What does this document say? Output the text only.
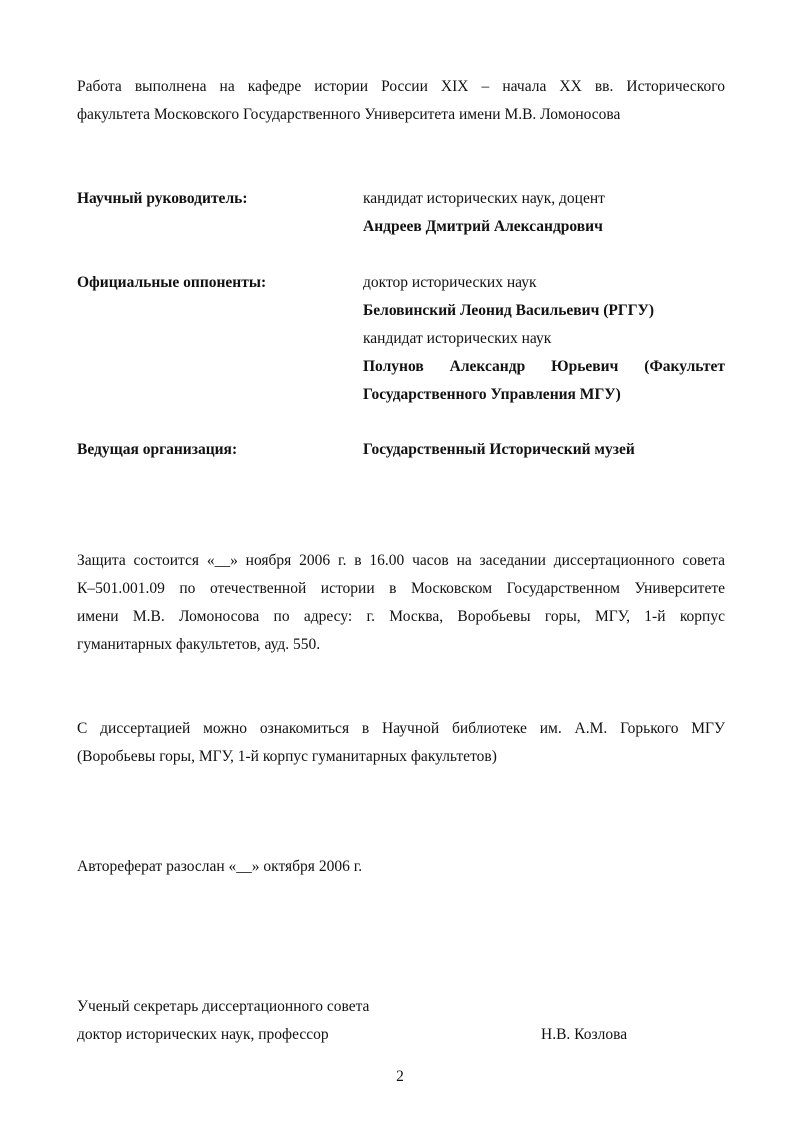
Работа выполнена на кафедре истории России XIX – начала XX вв. Исторического
факультета Московского Государственного Университета имени М.В. Ломоносова
Научный руководитель:	кандидат исторических наук, доцент
Андреев Дмитрий Александрович
Официальные оппоненты:	доктор исторических наук
Беловинский Леонид Васильевич (РГГУ)
кандидат исторических наук
Полунов Александр Юрьевич (Факультет
Государственного Управления МГУ)
Ведущая организация:	Государственный Исторический музей
Защита состоится «__» ноября 2006 г. в 16.00 часов на заседании диссертационного совета
К–501.001.09 по отечественной истории в Московском Государственном Университете
имени М.В. Ломоносова по адресу: г. Москва, Воробьевы горы, МГУ, 1-й корпус
гуманитарных факультетов, ауд. 550.
С диссертацией можно ознакомиться в Научной библиотеке им. А.М. Горького МГУ
(Воробьевы горы, МГУ, 1-й корпус гуманитарных факультетов)
Автореферат разослан «__» октября 2006 г.
Ученый секретарь диссертационного совета
доктор исторических наук, профессор	Н.В. Козлова
2
